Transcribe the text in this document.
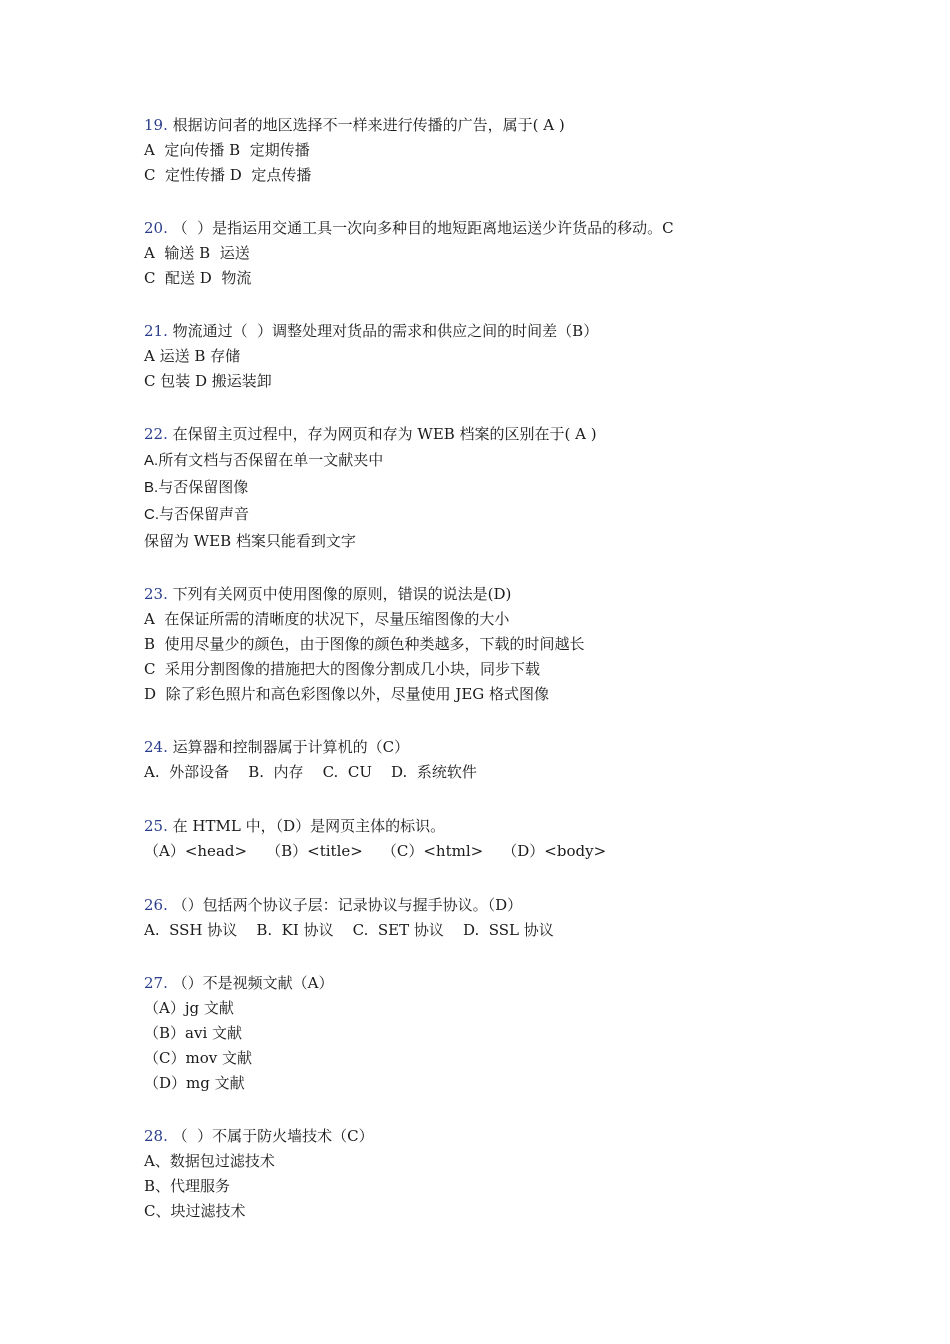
19. 根据访问者的地区选择不一样来进行传播的广告，属于( A )
A  定向传播 B  定期传播
C  定性传播 D  定点传播
20. （  ）是指运用交通工具一次向多种目的地短距离地运送少许货品的移动。C
A  输送 B  运送
C  配送 D  物流
21. 物流通过（  ）调整处理对货品的需求和供应之间的时间差（B）
A 运送 B 存储
C 包装 D 搬运装卸
22. 在保留主页过程中，存为网页和存为 WEB 档案的区别在于( A )
A.所有文档与否保留在单一文献夹中
B.与否保留图像
C.与否保留声音
保留为 WEB 档案只能看到文字
23. 下列有关网页中使用图像的原则，错误的说法是(D)
A  在保证所需的清晰度的状况下，尽量压缩图像的大小
B  使用尽量少的颜色，由于图像的颜色种类越多，下载的时间越长
C  采用分割图像的措施把大的图像分割成几小块，同步下载
D  除了彩色照片和高色彩图像以外，尽量使用 JEG 格式图像
24. 运算器和控制器属于计算机的（C）
A.  外部设备    B.  内存    C.  CU    D.  系统软件
25. 在 HTML 中，（D）是网页主体的标识。
（A）<head>    （B）<title>    （C）<html>    （D）<body>
26. （）包括两个协议子层：记录协议与握手协议。（D）
A.  SSH 协议    B.  KI 协议    C.  SET 协议    D.  SSL 协议
27. （）不是视频文献（A）
（A）jg 文献
（B）avi 文献
（C）mov 文献
（D）mg 文献
28. （  ）不属于防火墙技术（C）
A、数据包过滤技术
B、代理服务
C、块过滤技术
